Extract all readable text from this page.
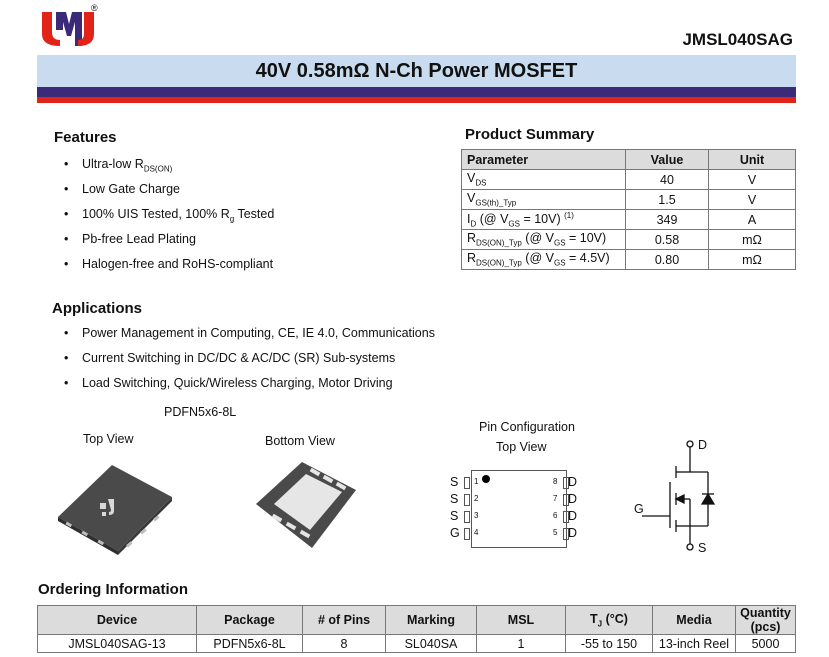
®
JMSL040SAG
40V 0.58mΩ N-Ch Power MOSFET
Features
• Ultra-low $R_{DS(ON)}$
• Low Gate Charge
• 100% UIS Tested, 100% $R_g$ Tested
• Pb-free Lead Plating
• Halogen-free and RoHS-compliant
Applications
• Power Management in Computing, CE, IE 4.0, Communications
• Current Switching in DC/DC & AC/DC (SR) Sub-systems
• Load Switching, Quick/Wireless Charging, Motor Driving
Product Summary
Parameter	Value	Unit
$V_{DS}$	40	V
$V_{GS(th)\_Typ}$	1.5	V
$I_D$ (@ $V_{GS} = 10V$) $^{(1)}$	349	A
$R_{DS(ON)\_Typ}$ (@ $V_{GS} = 10V$)	0.58	mΩ
$R_{DS(ON)\_Typ}$ (@ $V_{GS} = 4.5V$)	0.80	mΩ
PDFN5x6-8L
Top View	Bottom View
Pin Configuration
Top View
S 1
S 2
S 3
G 4
D
8
D
7
D
6
D
5
D
G
S
Ordering Information
Device	Package	# of Pins	Marking	MSL	$T_J$ (°C)	Media	Quantity (pcs)
JMSL040SAG-13	PDFN5x6-8L	8	SL040SA	1	-55 to 150	13-inch Reel	5000
